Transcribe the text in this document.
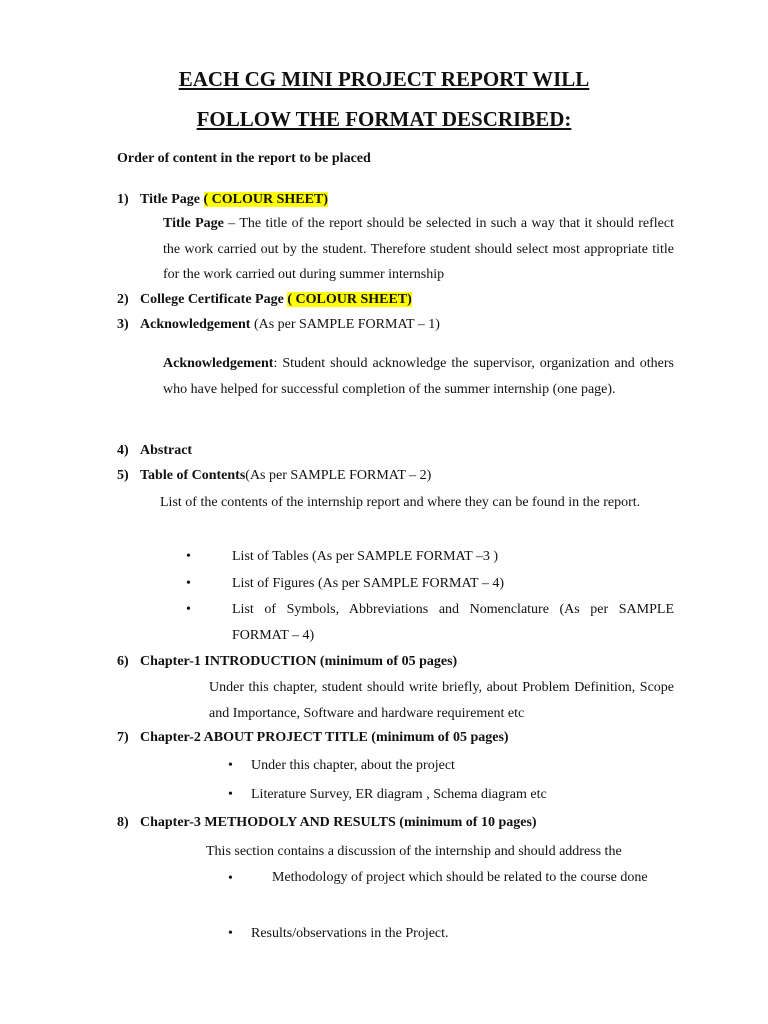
EACH CG MINI PROJECT REPORT WILL
FOLLOW THE FORMAT DESCRIBED:
Order of content in the report to be placed
1) Title Page ( COLOUR SHEET)
Title Page – The title of the report should be selected in such a way that it should reflect the work carried out by the student. Therefore student should select most appropriate title for the work carried out during summer internship
2) College Certificate Page ( COLOUR SHEET)
3) Acknowledgement (As per SAMPLE FORMAT – 1)
Acknowledgement: Student should acknowledge the supervisor, organization and others who have helped for successful completion of the summer internship (one page).
4) Abstract
5) Table of Contents(As per SAMPLE FORMAT – 2)
List of the contents of the internship report and where they can be found in the report.
•	List of Tables (As per SAMPLE FORMAT –3 )
•	List of Figures (As per SAMPLE FORMAT – 4)
•	List of Symbols, Abbreviations and Nomenclature (As per SAMPLE FORMAT – 4)
6) Chapter-1 INTRODUCTION (minimum of 05 pages)
Under this chapter, student should write briefly, about Problem Definition, Scope and Importance, Software and hardware requirement etc
7) Chapter-2 ABOUT PROJECT TITLE (minimum of 05 pages)
• Under this chapter, about the project
• Literature Survey, ER diagram , Schema diagram etc
8) Chapter-3 METHODOLY AND RESULTS (minimum of 10 pages)
This section contains a discussion of the internship and should address the
•	Methodology of project which should be related to the course done
• Results/observations in the Project.
